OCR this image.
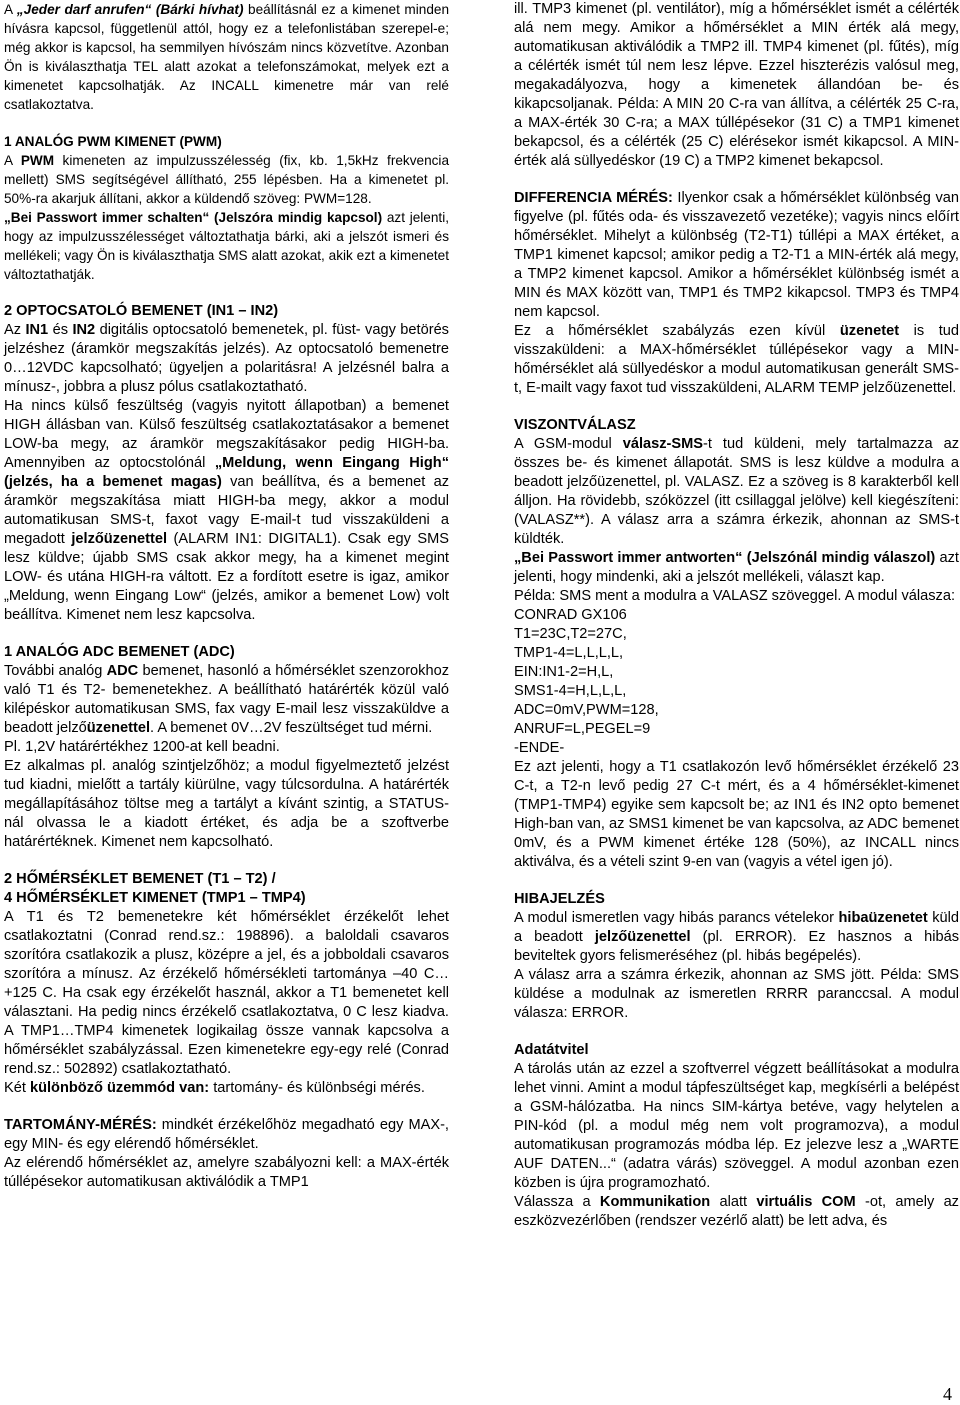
A „Jeder darf anrufen“ (Bárki hívhat) beállításnál ez a kimenet minden hívásra kapcsol, függetlenül attól, hogy ez a telefonlistában szerepel-e; még akkor is kapcsol, ha semmilyen hívószám nincs közvetítve. Azonban Ön is kiválaszthatja TEL alatt azokat a telefonszámokat, melyek ezt a kimenetet kapcsolhatják. Az INCALL kimenetre már van relé csatlakoztatva.

1 ANALÓG PWM KIMENET (PWM)

A PWM kimeneten az impulzusszélesség (fix, kb. 1,5kHz frekvencia mellett) SMS segítségével állítható, 255 lépésben. Ha a kimenetet pl. 50%-ra akarjuk állítani, akkor a küldendő szöveg: PWM=128.

„Bei Passwort immer schalten“ (Jelszóra mindig kapcsol) azt jelenti, hogy az impulzusszélességet változtathatja bárki, aki a jelszót ismeri és mellékeli; vagy Ön is kiválaszthatja SMS alatt azokat, akik ezt a kimenetet változtathatják.

2 OPTOCSATOLÓ BEMENET (IN1 – IN2)

Az IN1 és IN2 digitális optocsatoló bemenetek, pl. füst- vagy betörés jelzéshez (áramkör megszakítás jelzés). Az optocsatoló bemenetre 0…12VDC kapcsolható; ügyeljen a polaritásra! A jelzésnél balra a mínusz-, jobbra a plusz pólus csatlakoztatható.

Ha nincs külső feszültség (vagyis nyitott állapotban) a bemenet HIGH állásban van. Külső feszültség csatlakoztatásakor a bemenet LOW-ba megy, az áramkör megszakításakor pedig HIGH-ba. Amennyiben az optocstolónál „Meldung, wenn Eingang High“ (jelzés, ha a bemenet magas) van beállítva, és a bemenet az áramkör megszakítása miatt HIGH-ba megy, akkor a modul automatikusan SMS-t, faxot vagy E-mail-t tud visszaküldeni a megadott jelzőüzenettel (ALARM IN1: DIGITAL1). Csak egy SMS lesz küldve; újabb SMS csak akkor megy, ha a kimenet megint LOW- és utána HIGH-ra váltott. Ez a fordított esetre is igaz, amikor „Meldung, wenn Eingang Low“ (jelzés, amikor a bemenet Low) volt beállítva. Kimenet nem lesz kapcsolva.

1 ANALÓG ADC BEMENET (ADC)

További analóg ADC bemenet, hasonló a hőmérséklet szenzorokhoz való T1 és T2- bemenetekhez. A beállítható határérték közül való kilépéskor automatikusan SMS, fax vagy E-mail lesz visszaküldve a beadott jelzőüzenettel. A bemenet 0V…2V feszültséget tud mérni.

Pl. 1,2V határértékhez 1200-at kell beadni.

Ez alkalmas pl. analóg szintjelzőhöz; a modul figyelmeztető jelzést tud kiadni, mielőtt a tartály kiürülne, vagy túlcsordulna. A határérték megállapításához töltse meg a tartályt a kívánt szintig, a STATUS-nál olvassa le a kiadott értéket, és adja be a szoftverbe határértéknek. Kimenet nem kapcsolható.

2 HŐMÉRSÉKLET BEMENET (T1 – T2) /

4 HŐMÉRSÉKLET KIMENET (TMP1 – TMP4)

A T1 és T2 bemenetekre két hőmérséklet érzékelőt lehet csatlakoztatni (Conrad rend.sz.: 198896). a baloldali csavaros szorítóra csatlakozik a plusz, középre a jel, és a jobboldali csavaros szorítóra a mínusz. Az érzékelő hőmérsékleti tartománya –40 C…+125 C. Ha csak egy érzékelőt használ, akkor a T1 bemenetet kell választani. Ha pedig nincs érzékelő csatlakoztatva, 0 C lesz kiadva. A TMP1…TMP4 kimenetek logikailag össze vannak kapcsolva a hőmérséklet szabályzással. Ezen kimenetekre egy-egy relé (Conrad rend.sz.: 502892) csatlakoztatható.

Két különböző üzemmód van: tartomány- és különbségi mérés.

TARTOMÁNY-MÉRÉS: mindkét érzékelőhöz megadható egy MAX-, egy MIN- és egy elérendő hőmérséklet.

Az elérendő hőmérséklet az, amelyre szabályozni kell: a MAX-érték túllépésekor automatikusan aktiválódik a TMP1

ill. TMP3 kimenet (pl. ventilátor), míg a hőmérséklet ismét a célérték alá nem megy. Amikor a hőmérséklet a MIN érték alá megy, automatikusan aktiválódik a TMP2 ill. TMP4 kimenet (pl. fűtés), míg a célérték ismét túl nem lesz lépve. Ezzel hiszterézis valósul meg, megakadályozva, hogy a kimenetek állandóan be- és kikapcsoljanak. Példa: A MIN 20 C-ra van állítva, a célérték 25 C-ra, a MAX-érték 30 C-ra; a MAX túllépésekor (31 C) a TMP1 kimenet bekapcsol, és a célérték (25 C) elérésekor ismét kikapcsol. A MIN-érték alá süllyedéskor (19 C) a TMP2 kimenet bekapcsol.

DIFFERENCIA MÉRÉS: Ilyenkor csak a hőmérséklet különbség van figyelve (pl. fűtés oda- és visszavezető vezetéke); vagyis nincs előírt hőmérséklet. Mihelyt a különbség (T2-T1) túllépi a MAX értéket, a TMP1 kimenet kapcsol; amikor pedig a T2-T1 a MIN-érték alá megy, a TMP2 kimenet kapcsol. Amikor a hőmérséklet különbség ismét a MIN és MAX között van, TMP1 és TMP2 kikapcsol. TMP3 és TMP4 nem kapcsol.

Ez a hőmérséklet szabályzás ezen kívül üzenetet is tud visszaküldeni: a MAX-hőmérséklet túllépésekor vagy a MIN-hőmérséklet alá süllyedéskor a modul automatikusan generált SMS-t, E-mailt vagy faxot tud visszaküldeni, ALARM TEMP jelzőüzenettel.

VISZONTVÁLASZ

A GSM-modul válasz-SMS-t tud küldeni, mely tartalmazza az összes be- és kimenet állapotát. SMS is lesz küldve a modulra a beadott jelzőüzenettel, pl. VALASZ. Ez a szöveg is 8 karakterből kell álljon. Ha rövidebb, szóközzel (itt csillaggal jelölve) kell kiegészíteni: (VALASZ**). A válasz arra a számra érkezik, ahonnan az SMS-t küldték.

„Bei Passwort immer antworten“ (Jelszónál mindig válaszol) azt jelenti, hogy mindenki, aki a jelszót mellékeli, választ kap.

Példa: SMS ment a modulra a VALASZ szöveggel. A modul válasza:

CONRAD GX106

T1=23C,T2=27C,

TMP1-4=L,L,L,L,

EIN:IN1-2=H,L,

SMS1-4=H,L,L,L,

ADC=0mV,PWM=128,

ANRUF=L,PEGEL=9

-ENDE-

Ez azt jelenti, hogy a T1 csatlakozón levő hőmérséklet érzékelő 23 C-t, a T2-n levő pedig 27 C-t mért, és a 4 hőmérséklet-kimenet (TMP1-TMP4) egyike sem kapcsolt be; az IN1 és IN2 opto bemenet High-ban van, az SMS1 kimenet be van kapcsolva, az ADC bemenet 0mV, és a PWM kimenet értéke 128 (50%), az INCALL nincs aktiválva, és a vételi szint 9-en van (vagyis a vétel igen jó).

HIBAJELZÉS

A modul ismeretlen vagy hibás parancs vételekor hibaüzenetet küld a beadott jelzőüzenettel (pl. ERROR). Ez hasznos a hibás beviteltek gyors felismeréséhez (pl. hibás begépelés).

A válasz arra a számra érkezik, ahonnan az SMS jött. Példa: SMS küldése a modulnak az ismeretlen RRRR paranccsal. A modul válasza: ERROR.

Adatátvitel

A tárolás után az ezzel a szoftverrel végzett beállításokat a modulra lehet vinni. Amint a modul tápfeszültséget kap, megkísérli a belépést a GSM-hálózatba. Ha nincs SIM-kártya betéve, vagy helytelen a PIN-kód (pl. a modul még nem volt programozva), a modul automatikusan programozás módba lép. Ez jelezve lesz a „WARTE AUF DATEN...“ (adatra várás) szöveggel. A modul azonban ezen közben is újra programozható.

Válassza a Kommunikation alatt virtuális COM -ot, amely az eszközvezérlőben (rendszer vezérlő alatt) be lett adva, és

4
